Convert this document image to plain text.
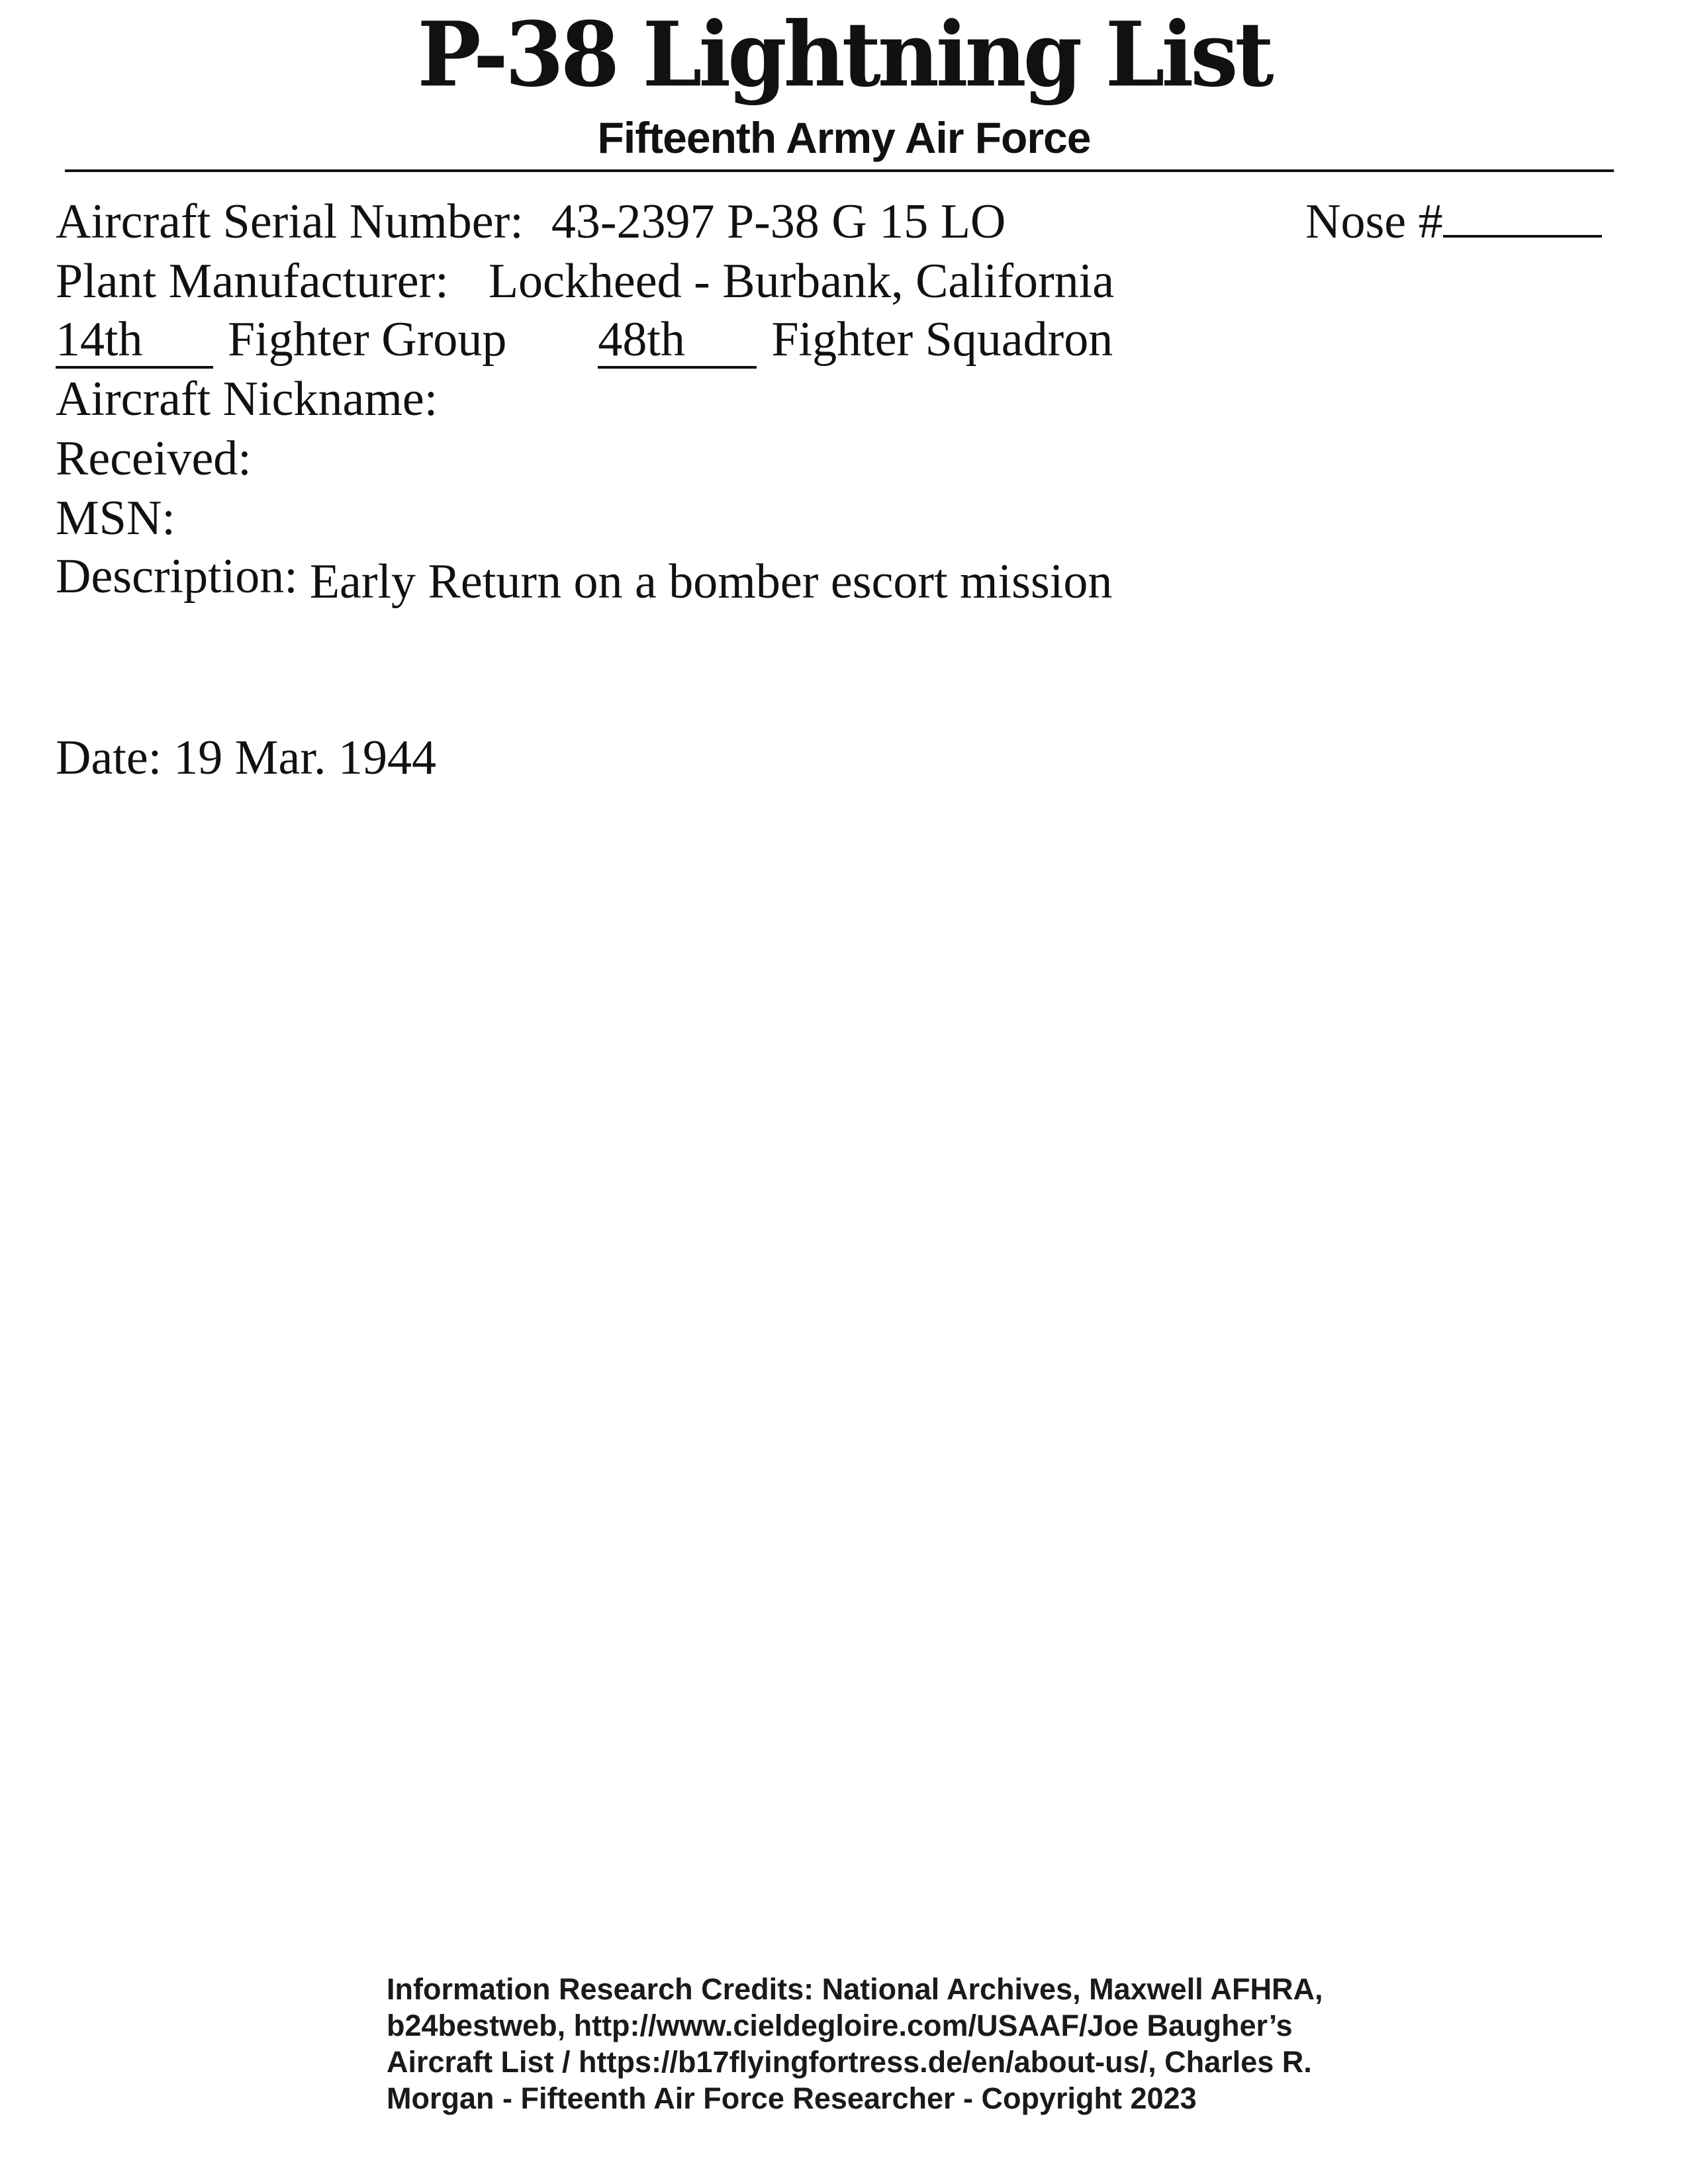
P-38 Lightning List
Fifteenth Army Air Force
Aircraft Serial Number: 43-2397 P-38 G 15 LO	Nose #
Plant Manufacturer: Lockheed - Burbank, California
14th Fighter Group 48th Fighter Squadron
Aircraft Nickname:
Received:
MSN:
Description: Early Return on a bomber escort mission
Date: 19 Mar. 1944
Information Research Credits: National Archives, Maxwell AFHRA,
b24bestweb, http://www.cieldegloire.com/USAAF/Joe Baugher’s
Aircraft List / https://b17flyingfortress.de/en/about-us/, Charles R.
Morgan - Fifteenth Air Force Researcher - Copyright 2023
